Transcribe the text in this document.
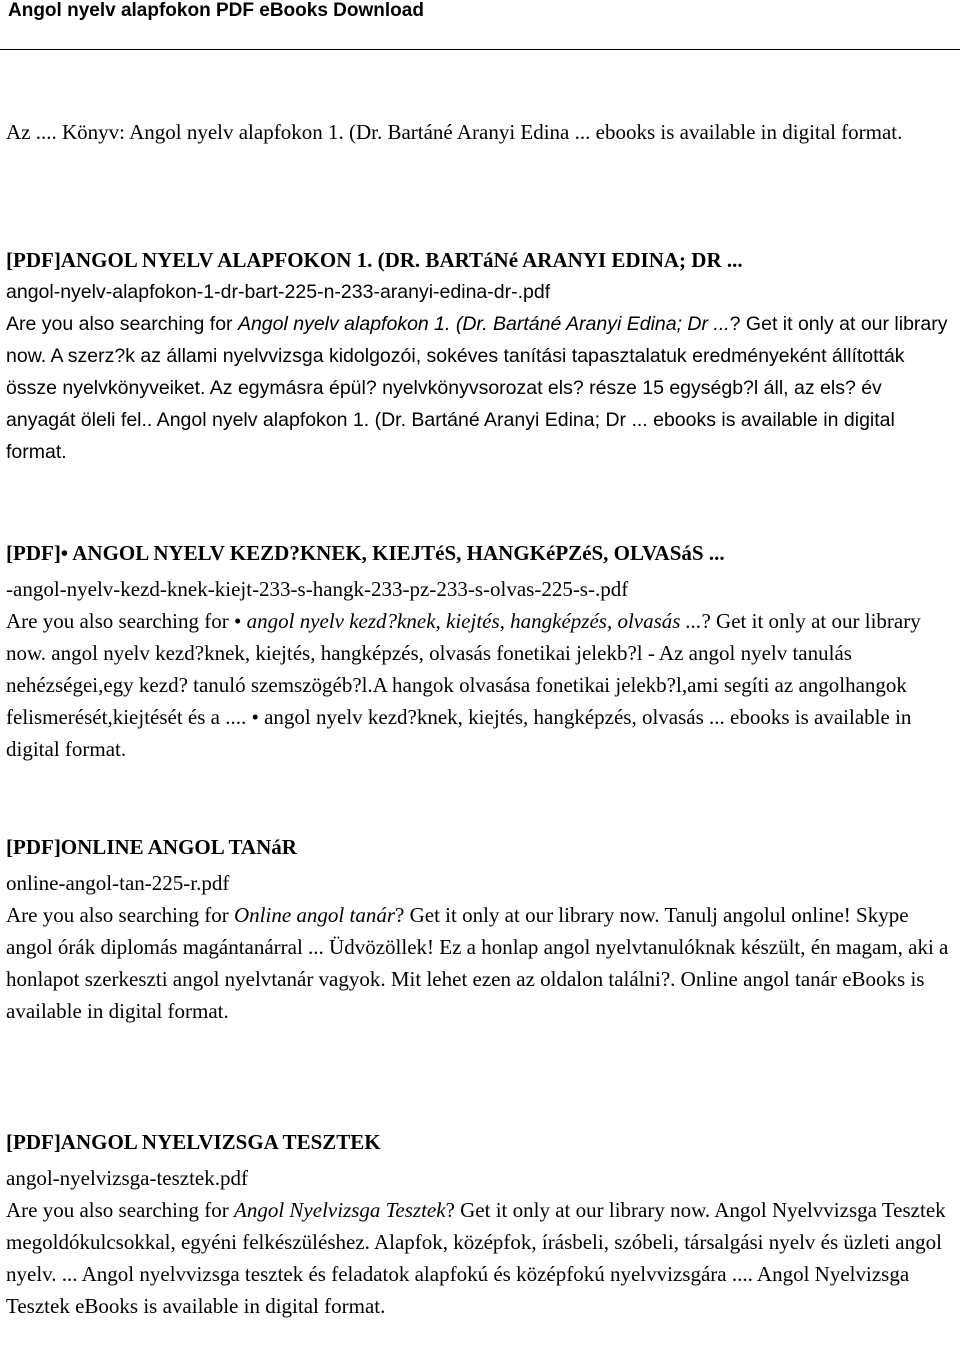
Angol nyelv alapfokon PDF eBooks Download

Az .... Könyv: Angol nyelv alapfokon 1. (Dr. Bartáné Aranyi Edina ... ebooks is available in digital format.

[PDF]ANGOL NYELV ALAPFOKON 1. (DR. BARTáNé ARANYI EDINA; DR ...

angol-nyelv-alapfokon-1-dr-bart-225-n-233-aranyi-edina-dr-.pdf

Are you also searching for Angol nyelv alapfokon 1. (Dr. Bartáné Aranyi Edina; Dr ...? Get it only at our library now. A szerz?k az állami nyelvvizsga kidolgozói, sokéves tanítási tapasztalatuk eredményeként állították össze nyelvkönyveiket. Az egymásra épül? nyelvkönyvsorozat els? része 15 egységb?l áll, az els? év anyagát öleli fel.. Angol nyelv alapfokon 1. (Dr. Bartáné Aranyi Edina; Dr ... ebooks is available in digital format.

[PDF]• ANGOL NYELV KEZD?KNEK, KIEJTéS, HANGKéPZéS, OLVASáS ...

-angol-nyelv-kezd-knek-kiejt-233-s-hangk-233-pz-233-s-olvas-225-s-.pdf

Are you also searching for • angol nyelv kezd?knek, kiejtés, hangképzés, olvasás ...? Get it only at our library now. angol nyelv kezd?knek, kiejtés, hangképzés, olvasás fonetikai jelekb?l - Az angol nyelv tanulás nehézségei,egy kezd? tanuló szemszögéb?l.A hangok olvasása fonetikai jelekb?l,ami segíti az angolhangok felismerését,kiejtését és a .... • angol nyelv kezd?knek, kiejtés, hangképzés, olvasás ... ebooks is available in digital format.

[PDF]ONLINE ANGOL TANáR

online-angol-tan-225-r.pdf

Are you also searching for Online angol tanár? Get it only at our library now. Tanulj angolul online! Skype angol órák diplomás magántanárral ... Üdvözöllek! Ez a honlap angol nyelvtanulóknak készült, én magam, aki a honlapot szerkeszti angol nyelvtanár vagyok. Mit lehet ezen az oldalon találni?. Online angol tanár eBooks is available in digital format.

[PDF]ANGOL NYELVIZSGA TESZTEK

angol-nyelvizsga-tesztek.pdf

Are you also searching for Angol Nyelvizsga Tesztek? Get it only at our library now. Angol Nyelvvizsga Tesztek megoldókulcsokkal, egyéni felkészüléshez. Alapfok, középfok, írásbeli, szóbeli, társalgási nyelv és üzleti angol nyelv. ... Angol nyelvvizsga tesztek és feladatok alapfokú és középfokú nyelvvizsgára .... Angol Nyelvizsga Tesztek eBooks is available in digital format.
